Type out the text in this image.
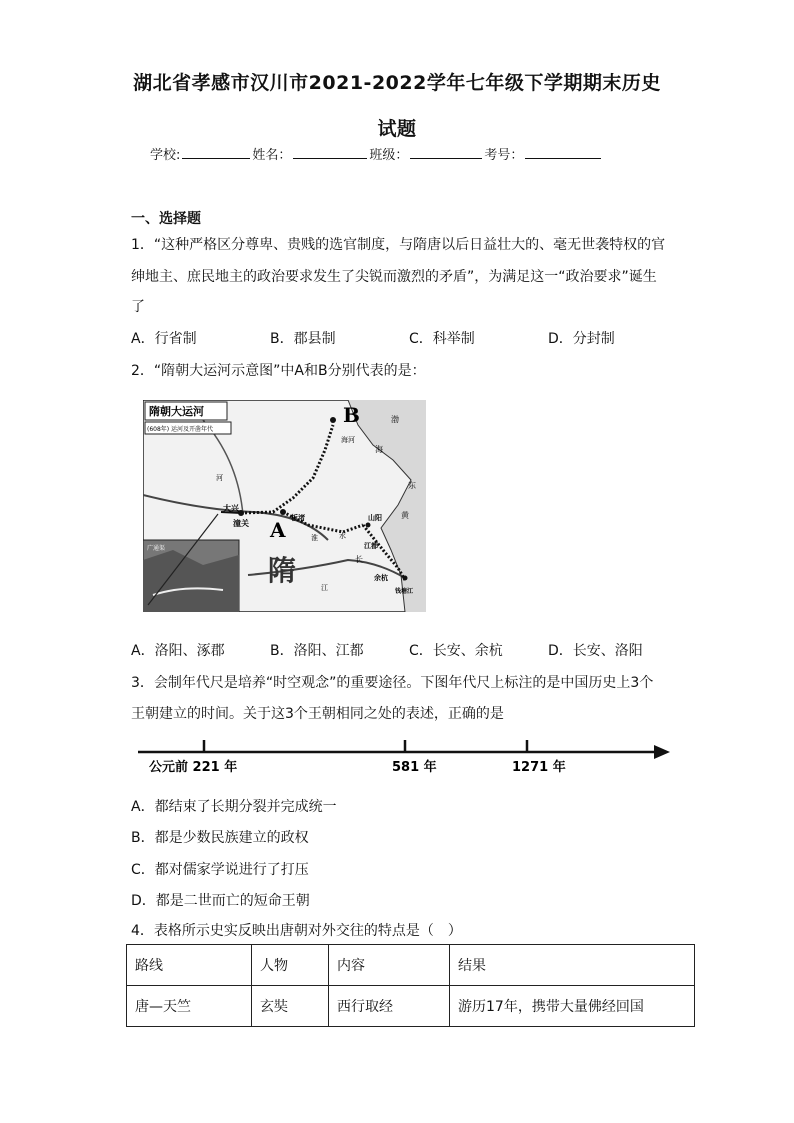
湖北省孝感市汉川市2021-2022学年七年级下学期期末历史
试题
学校:	姓名：	班级：	考号：
一、选择题
1．“这种严格区分尊卑、贵贱的选官制度，与隋唐以后日益壮大的、毫无世袭特权的官
绅地主、庶民地主的政治要求发生了尖锐而激烈的矛盾”，为满足这一“政治要求”诞生
了
A．行省制	B．郡县制	C．科举制	D．分封制
2．“隋朝大运河示意图”中A和B分别代表的是：
隋朝大运河
(608年) 运河及开凿年代
B
A
隋
大兴
潼关
板渚	山阳
江都
余杭
钱塘江
海河
渤
海
东
黄
河
淮	水
长
江
广通渠
A．洛阳、涿郡	B．洛阳、江都	C．长安、余杭	D．长安、洛阳
3．会制年代尺是培养“时空观念”的重要途径。下图年代尺上标注的是中国历史上3个
王朝建立的时间。关于这3个王朝相同之处的表述，正确的是
公元前 221 年	581 年	1271 年
A．都结束了长期分裂并完成统一
B．都是少数民族建立的政权
C．都对儒家学说进行了打压
D．都是二世而亡的短命王朝
4．表格所示史实反映出唐朝对外交往的特点是（　）
路线	人物	内容	结果
唐—天竺	玄奘	西行取经	游历17年，携带大量佛经回国
